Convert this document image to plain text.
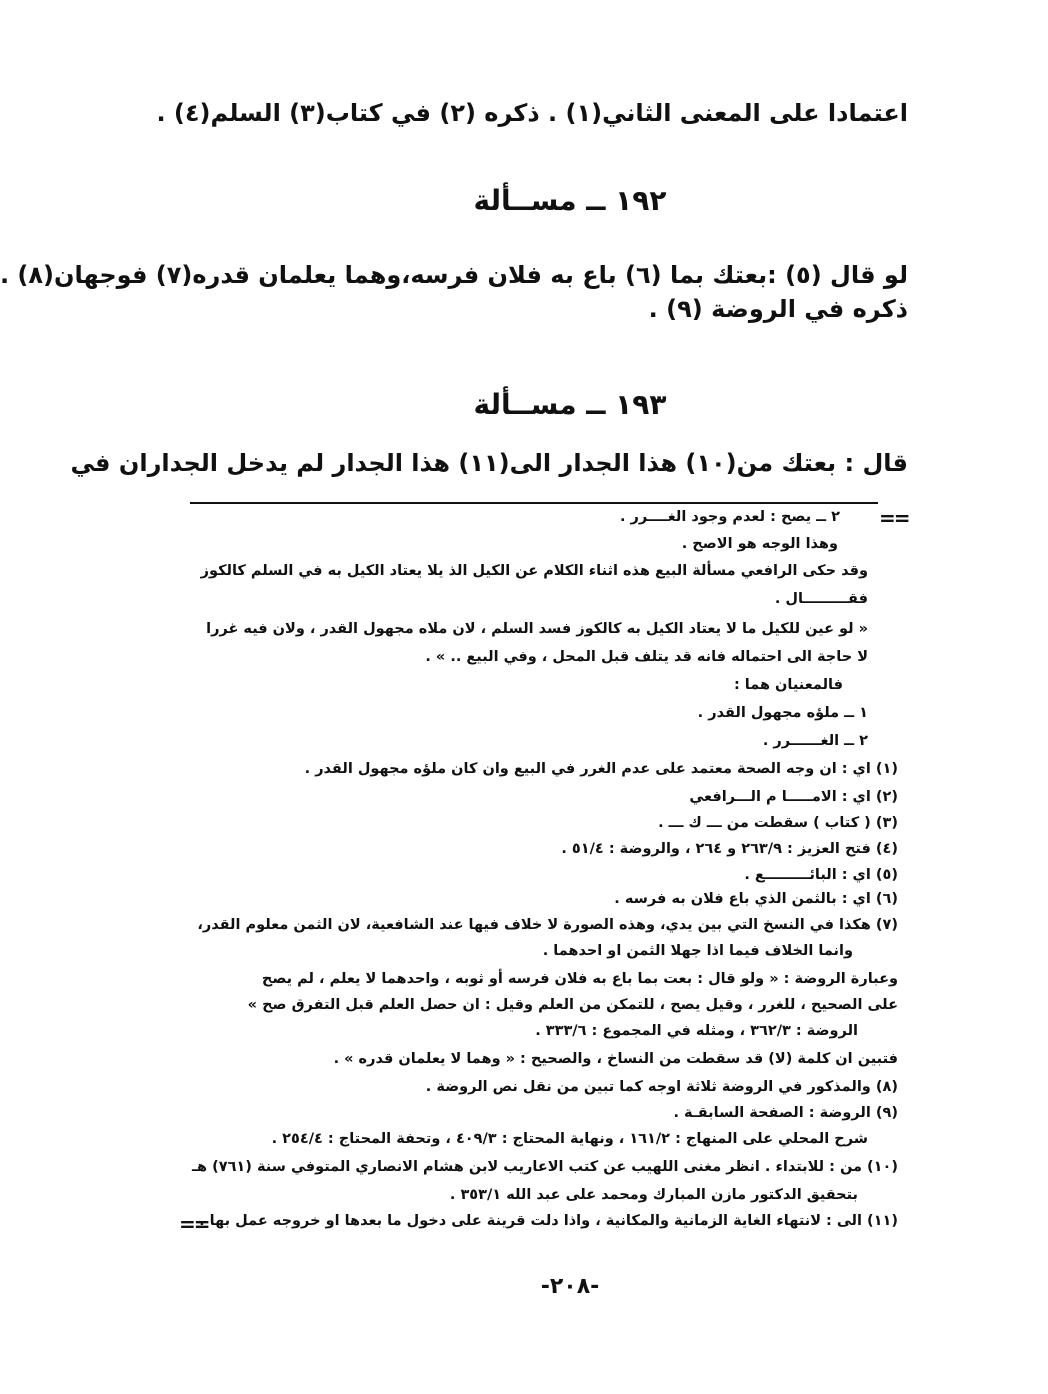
اعتمادا على المعنى الثاني(١) . ذكره (٢) في كتاب(٣) السلم(٤) .
١٩٢ ــ مســألة
لو قال (٥) :بعتك بما (٦) باع به فلان فرسه،وهما يعلمان قدره(٧) فوجهان(٨) .
ذكره في الروضة (٩) .
١٩٣ ــ مســألة
قال : بعتك من(١٠) هذا الجدار الى(١١) هذا الجدار لم يدخل الجداران في
==
==
٢ ــ يصح : لعدم وجود الغــــرر .
وهذا الوجه هو الاصح .
وقد حكى الرافعي مسألة البيع هذه اثناء الكلام عن الكيل الذ يلا يعتاد الكيل به في السلم كالكوز
فقـــــــــال .
« لو عين للكيل ما لا يعتاد الكيل به كالكوز فسد السلم ، لان ملاه مجهول القدر ، ولان فيه غررا
لا حاجة الى احتماله فانه قد يتلف قبل المحل ، وفي البيع .. » .
فالمعنيان هما :
١ ــ ملؤه مجهول القدر .
٢ ــ الغــــــرر .
(١) اي : ان وجه الصحة معتمد على عدم الغرر في البيع وان كان ملؤه مجهول القدر .
(٢) اي : الامـــــا م الـــرافعي
(٣) ( كتاب ) سقطت من ـــ ك ـــ .
(٤) فتح العزيز : ٢٦٣/٩ و ٢٦٤ ، والروضة : ٥١/٤ .
(٥) اي : البائـــــــــع .
(٦) اي : بالثمن الذي باع فلان به فرسه .
(٧) هكذا في النسخ التي بين يدي، وهذه الصورة لا خلاف فيها عند الشافعية، لان الثمن معلوم القدر،
وانما الخلاف فيما اذا جهلا الثمن او احدهما .
وعبارة الروضة : « ولو قال : بعت بما باع به فلان فرسه أو ثوبه ، واحدهما لا يعلم ، لم يصح
على الصحيح ، للغرر ، وقيل يصح ، للتمكن من العلم وقيل : ان حصل العلم قبل التفرق صح »
الروضة : ٣٦٢/٣ ، ومثله في المجموع : ٣٣٣/٦ .
فتبين ان كلمة (لا) قد سقطت من النساخ ، والصحيح : « وهما لا يعلمان قدره » .
(٨) والمذكور في الروضة ثلاثة اوجه كما تبين من نقل نص الروضة .
(٩) الروضة : الصفحة السابقـة .
شرح المحلي على المنهاج : ١٦١/٢ ، ونهاية المحتاج : ٤٠٩/٣ ، وتحفة المحتاج : ٢٥٤/٤ .
(١٠) من : للابتداء . انظر مغنى اللهيب عن كتب الاعاريب لابن هشام الانصاري المتوفي سنة (٧٦١) هـ
بتحقيق الدكتور مازن المبارك ومحمد على عبد الله ٣٥٣/١ .
(١١) الى : لانتهاء الغاية الزمانية والمكانية ، واذا دلت قرينة على دخول ما بعدها او خروجه عمل بها .
-٢٠٨-
